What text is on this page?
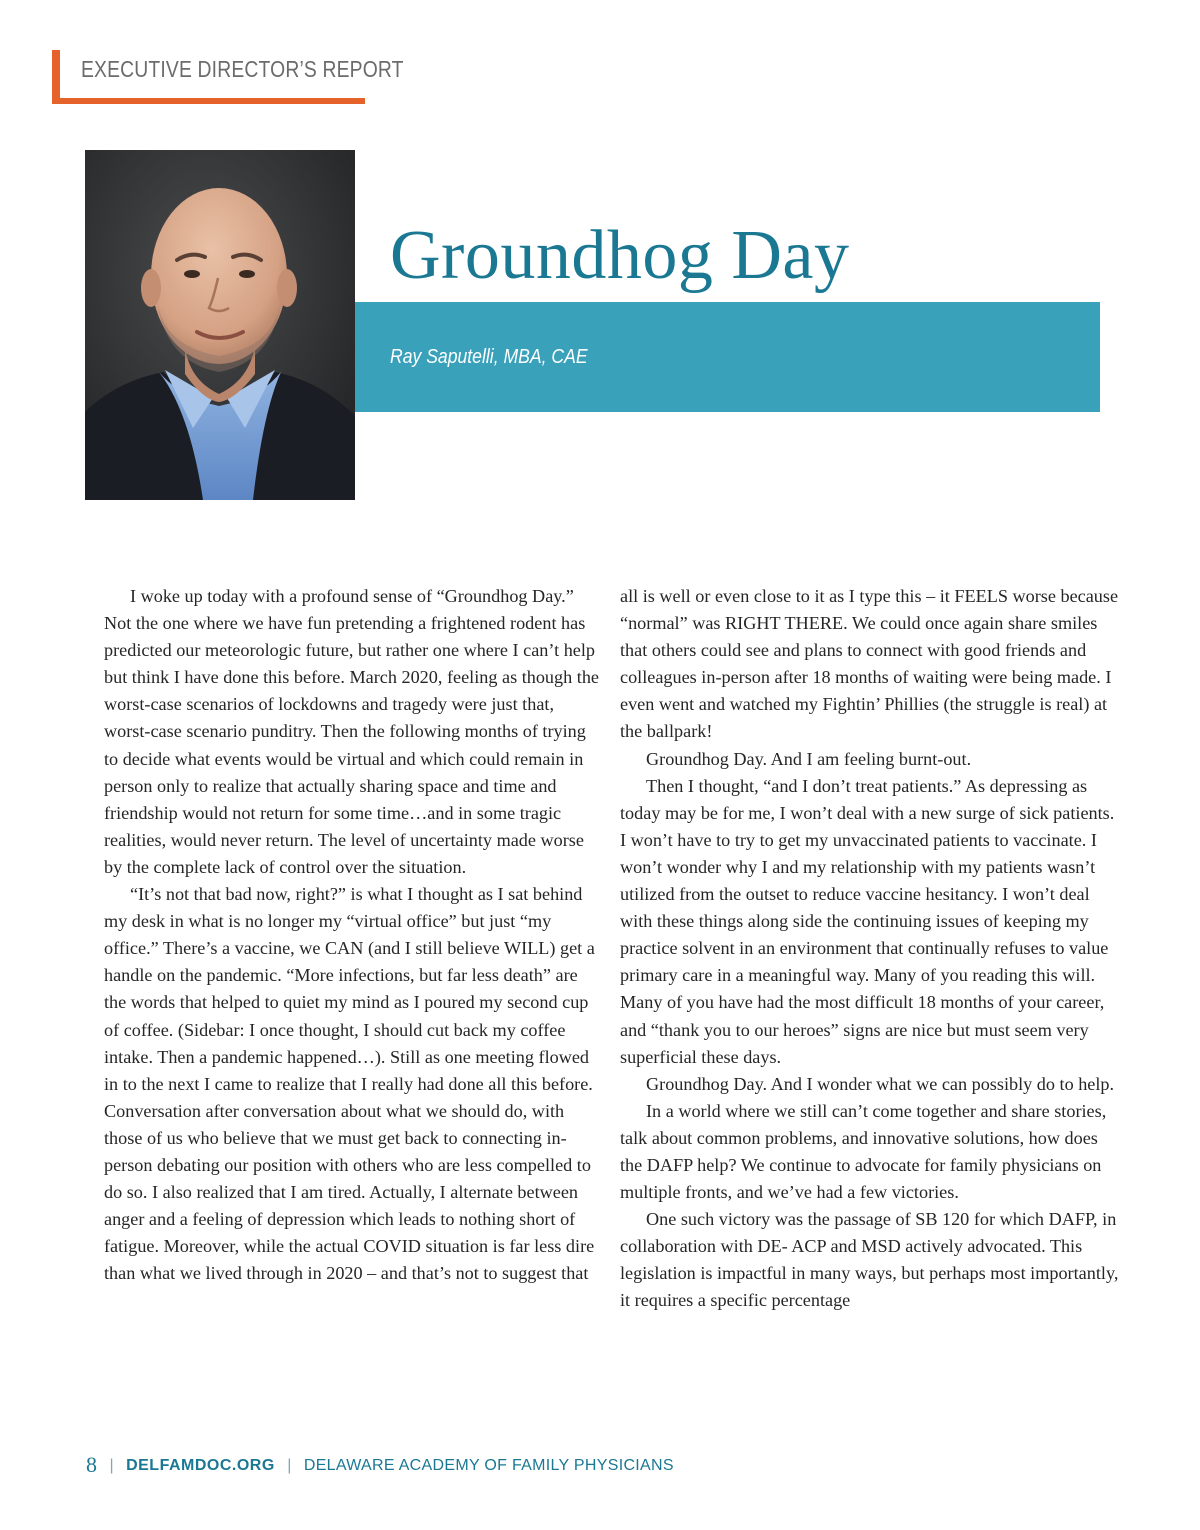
EXECUTIVE DIRECTOR’S REPORT
Groundhog Day
Ray Saputelli, MBA, CAE

I woke up today with a profound sense of “Groundhog Day.” Not the one where we have fun pretending a frightened rodent has predicted our meteorologic future, but rather one where I can’t help but think I have done this before. March 2020, feeling as though the worst-case scenarios of lockdowns and tragedy were just that, worst-case scenario punditry. Then the following months of trying to decide what events would be virtual and which could remain in person only to realize that actually sharing space and time and friendship would not return for some time…and in some tragic realities, would never return. The level of uncertainty made worse by the complete lack of control over the situation.

“It’s not that bad now, right?” is what I thought as I sat behind my desk in what is no longer my “virtual office” but just “my office.” There’s a vaccine, we CAN (and I still believe WILL) get a handle on the pandemic. “More infections, but far less death” are the words that helped to quiet my mind as I poured my second cup of coffee. (Sidebar: I once thought, I should cut back my coffee intake. Then a pandemic happened…). Still as one meeting flowed in to the next I came to realize that I really had done all this before. Conversation after conversation about what we should do, with those of us who believe that we must get back to connecting in-person debating our position with others who are less compelled to do so. I also realized that I am tired. Actually, I alternate between anger and a feeling of depression which leads to nothing short of fatigue. Moreover, while the actual COVID situation is far less dire than what we lived through in 2020 – and that’s not to suggest that

all is well or even close to it as I type this – it FEELS worse because “normal” was RIGHT THERE. We could once again share smiles that others could see and plans to connect with good friends and colleagues in-person after 18 months of waiting were being made. I even went and watched my Fightin’ Phillies (the struggle is real) at the ballpark!

Groundhog Day. And I am feeling burnt-out.

Then I thought, “and I don’t treat patients.” As depressing as today may be for me, I won’t deal with a new surge of sick patients. I won’t have to try to get my unvaccinated patients to vaccinate. I won’t wonder why I and my relationship with my patients wasn’t utilized from the outset to reduce vaccine hesitancy. I won’t deal with these things along side the continuing issues of keeping my practice solvent in an environment that continually refuses to value primary care in a meaningful way. Many of you reading this will. Many of you have had the most difficult 18 months of your career, and “thank you to our heroes” signs are nice but must seem very superficial these days.

Groundhog Day. And I wonder what we can possibly do to help.

In a world where we still can’t come together and share stories, talk about common problems, and innovative solutions, how does the DAFP help? We continue to advocate for family physicians on multiple fronts, and we’ve had a few victories.

One such victory was the passage of SB 120 for which DAFP, in collaboration with DE- ACP and MSD actively advocated. This legislation is impactful in many ways, but perhaps most importantly, it requires a specific percentage

8 | DELFAMDOC.ORG | DELAWARE ACADEMY OF FAMILY PHYSICIANS
